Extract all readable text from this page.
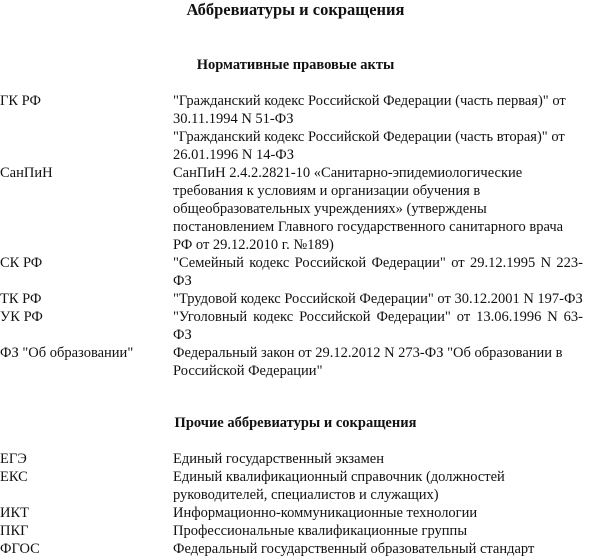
Аббревиатуры и сокращения
Нормативные правовые акты
ГК РФ	"Гражданский кодекс Российской Федерации (часть первая)" от 30.11.1994 N 51-ФЗ

"Гражданский кодекс Российской Федерации (часть вторая)" от 26.01.1996 N 14-ФЗ

СанПиН	СанПиН 2.4.2.2821-10 «Санитарно-эпидемиологические требования к условиям и организации обучения в общеобразовательных учреждениях» (утверждены постановлением Главного государственного санитарного врача РФ от 29.12.2010 г. №189)

СК РФ	"Семейный кодекс Российской Федерации" от 29.12.1995 N 223-ФЗ

ТК РФ	"Трудовой кодекс Российской Федерации" от 30.12.2001 N 197-ФЗ

УК РФ	"Уголовный кодекс Российской Федерации" от 13.06.1996 N 63-ФЗ

ФЗ "Об образовании"	Федеральный закон от 29.12.2012 N 273-ФЗ "Об образовании в Российской Федерации"

Прочие аббревиатуры и сокращения
ЕГЭ	Единый государственный экзамен

ЕКС	Единый квалификационный справочник (должностей руководителей, специалистов и служащих)

ИКТ	Информационно-коммуникационные технологии

ПКГ	Профессиональные квалификационные группы

ФГОС	Федеральный государственный образовательный стандарт
